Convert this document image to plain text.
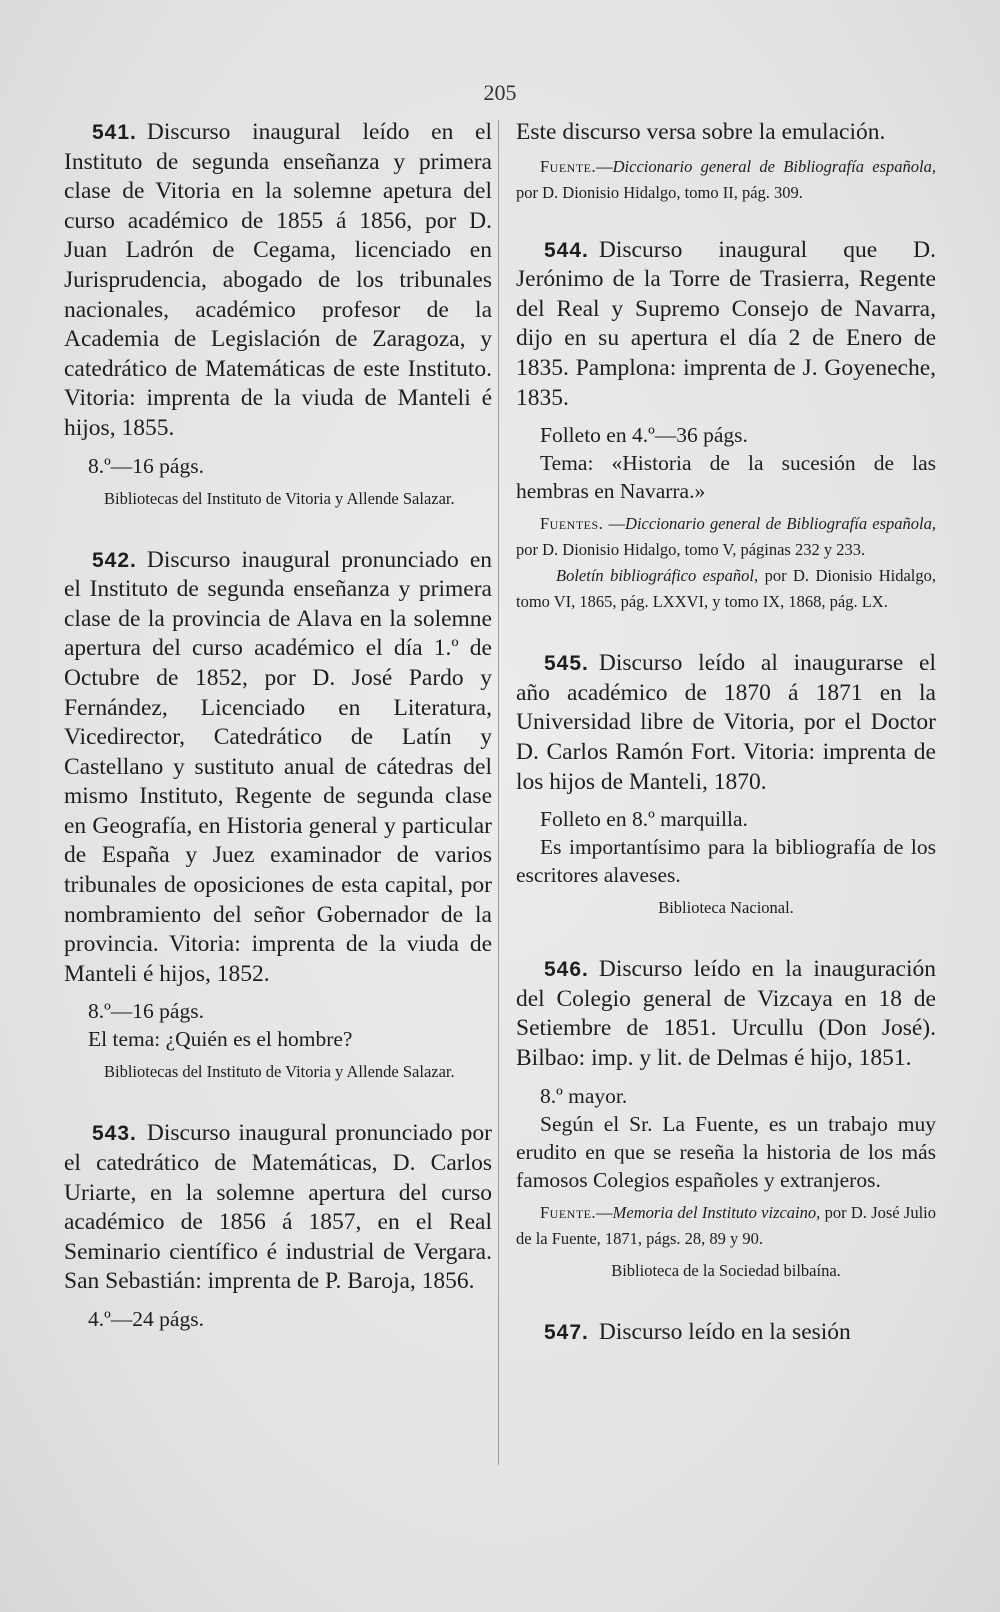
205

541. Discurso inaugural leído en el Instituto de segunda enseñanza y primera clase de Vitoria en la solemne apetura del curso académico de 1855 á 1856, por D. Juan Ladrón de Cegama, licenciado en Jurisprudencia, abogado de los tribunales nacionales, académico profesor de la Academia de Legislación de Zaragoza, y catedrático de Matemáticas de este Instituto. Vitoria: imprenta de la viuda de Manteli é hijos, 1855.

8.º—16 págs.

Bibliotecas del Instituto de Vitoria y Allende Salazar.

542. Discurso inaugural pronunciado en el Instituto de segunda enseñanza y primera clase de la provincia de Alava en la solemne apertura del curso académico el día 1.º de Octubre de 1852, por D. José Pardo y Fernández, Licenciado en Literatura, Vicedirector, Catedrático de Latín y Castellano y sustituto anual de cátedras del mismo Instituto, Regente de segunda clase en Geografía, en Historia general y particular de España y Juez examinador de varios tribunales de oposiciones de esta capital, por nombramiento del señor Gobernador de la provincia. Vitoria: imprenta de la viuda de Manteli é hijos, 1852.

8.º—16 págs.

El tema: ¿Quién es el hombre?

Bibliotecas del Instituto de Vitoria y Allende Salazar.

543. Discurso inaugural pronunciado por el catedrático de Matemáticas, D. Carlos Uriarte, en la solemne apertura del curso académico de 1856 á 1857, en el Real Seminario científico é industrial de Vergara. San Sebastián: imprenta de P. Baroja, 1856.

4.º—24 págs.

Este discurso versa sobre la emulación.

Fuente.—Diccionario general de Bibliografía española, por D. Dionisio Hidalgo, tomo II, pág. 309.

544. Discurso inaugural que D. Jerónimo de la Torre de Trasierra, Regente del Real y Supremo Consejo de Navarra, dijo en su apertura el día 2 de Enero de 1835. Pamplona: imprenta de J. Goyeneche, 1835.

Folleto en 4.º—36 págs.

Tema: «Historia de la sucesión de las hembras en Navarra.»

Fuentes. —Diccionario general de Bibliografía española, por D. Dionisio Hidalgo, tomo V, páginas 232 y 233.

Boletín bibliográfico español, por D. Dionisio Hidalgo, tomo VI, 1865, pág. LXXVI, y tomo IX, 1868, pág. LX.

545. Discurso leído al inaugurarse el año académico de 1870 á 1871 en la Universidad libre de Vitoria, por el Doctor D. Carlos Ramón Fort. Vitoria: imprenta de los hijos de Manteli, 1870.

Folleto en 8.º marquilla.

Es importantísimo para la bibliografía de los escritores alaveses.

Biblioteca Nacional.

546. Discurso leído en la inauguración del Colegio general de Vizcaya en 18 de Setiembre de 1851. Urcullu (Don José). Bilbao: imp. y lit. de Delmas é hijo, 1851.

8.º mayor.

Según el Sr. La Fuente, es un trabajo muy erudito en que se reseña la historia de los más famosos Colegios españoles y extranjeros.

Fuente.—Memoria del Instituto vizcaino, por D. José Julio de la Fuente, 1871, págs. 28, 89 y 90.

Biblioteca de la Sociedad bilbaína.

547. Discurso leído en la sesión
